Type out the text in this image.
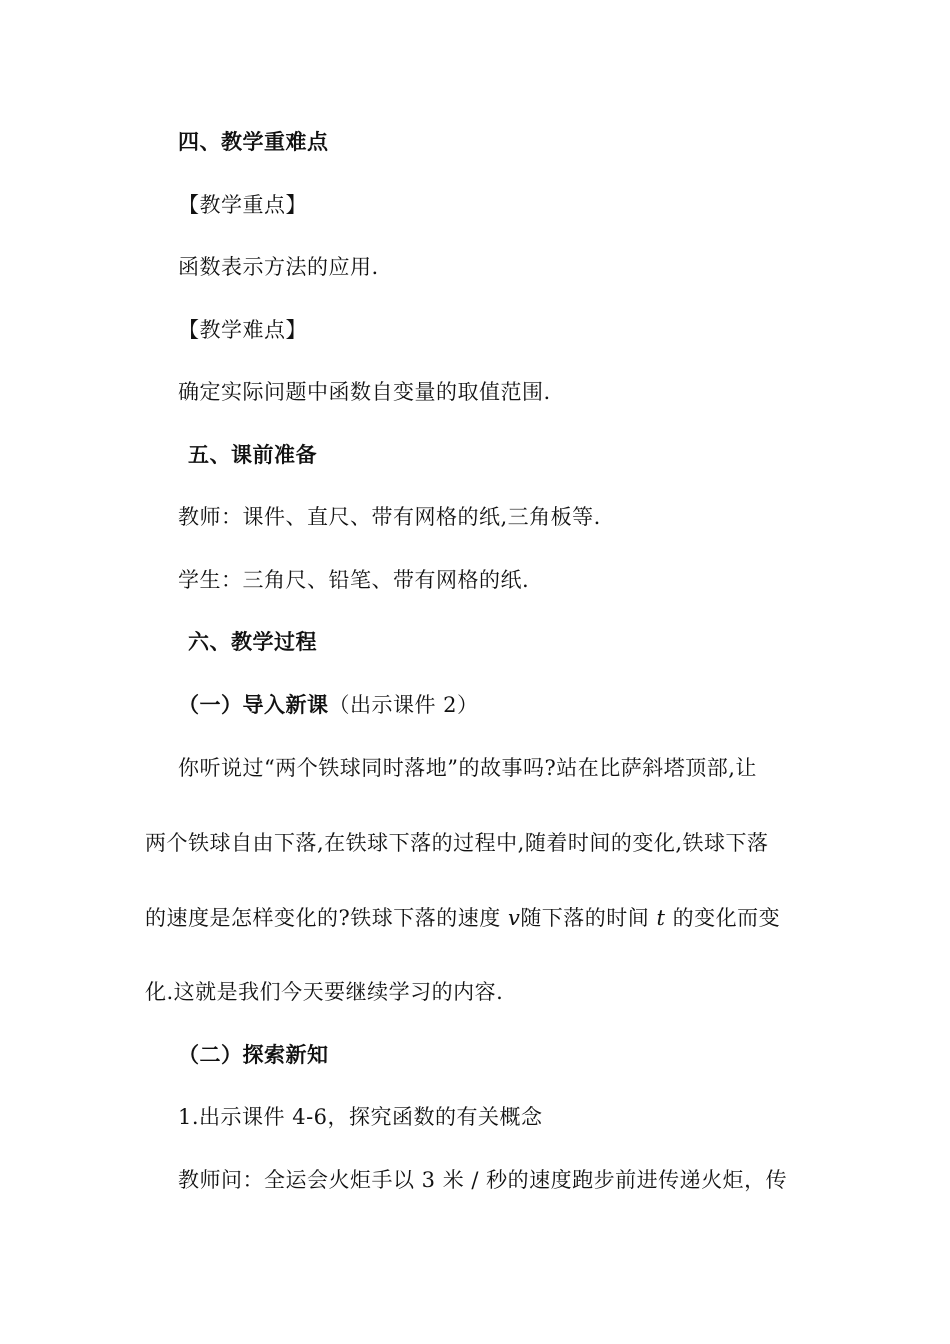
四、教学重难点
【教学重点】
函数表示方法的应用.
【教学难点】
确定实际问题中函数自变量的取值范围.
五、课前准备
教师：课件、直尺、带有网格的纸,三角板等.
学生：三角尺、铅笔、带有网格的纸.
六、教学过程
（一）导入新课（出示课件 2）
你听说过“两个铁球同时落地”的故事吗?站在比萨斜塔顶部,让
两个铁球自由下落,在铁球下落的过程中,随着时间的变化,铁球下落
的速度是怎样变化的?铁球下落的速度 v随下落的时间 t 的变化而变
化.这就是我们今天要继续学习的内容.
（二）探索新知
1.出示课件 4-6，探究函数的有关概念
教师问：全运会火炬手以 3 米 / 秒的速度跑步前进传递火炬，传
